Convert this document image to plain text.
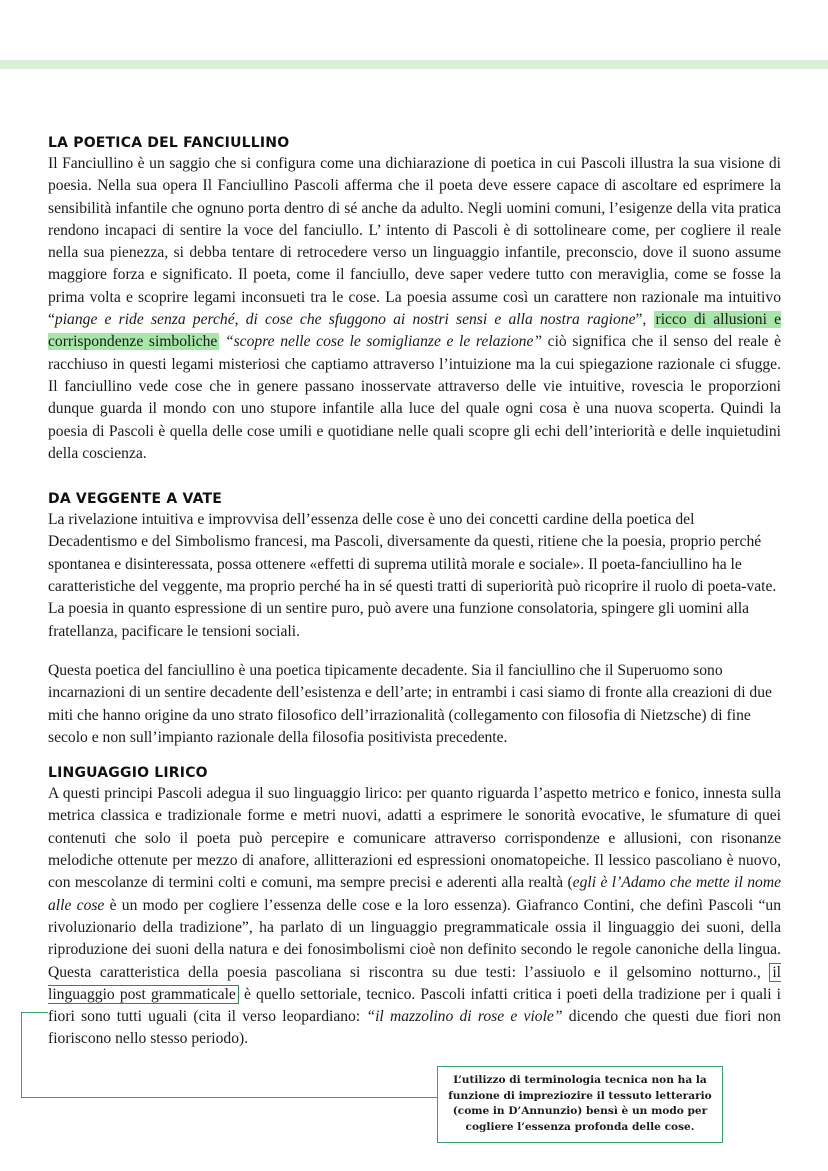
LA POETICA DEL FANCIULLINO

Il Fanciullino è un saggio che si configura come una dichiarazione di poetica in cui Pascoli illustra la sua visione di poesia. Nella sua opera Il Fanciullino Pascoli afferma che il poeta deve essere capace di ascoltare ed esprimere la sensibilità infantile che ognuno porta dentro di sé anche da adulto. Negli uomini comuni, l’esigenze della vita pratica rendono incapaci di sentire la voce del fanciullo. L’ intento di Pascoli è di sottolineare come, per cogliere il reale nella sua pienezza, si debba tentare di retrocedere verso un linguaggio infantile, preconscio, dove il suono assume maggiore forza e significato. Il poeta, come il fanciullo, deve saper vedere tutto con meraviglia, come se fosse la prima volta e scoprire legami inconsueti tra le cose. La poesia assume così un carattere non razionale ma intuitivo “piange e ride senza perché, di cose che sfuggono ai nostri sensi e alla nostra ragione”, ricco di allusioni e corrispondenze simboliche “scopre nelle cose le somiglianze e le relazione” ciò significa che il senso del reale è racchiuso in questi legami misteriosi che captiamo attraverso l’intuizione ma la cui spiegazione razionale ci sfugge. Il fanciullino vede cose che in genere passano inosservate attraverso delle vie intuitive, rovescia le proporzioni dunque guarda il mondo con uno stupore infantile alla luce del quale ogni cosa è una nuova scoperta. Quindi la poesia di Pascoli è quella delle cose umili e quotidiane nelle quali scopre gli echi dell’interiorità e delle inquietudini della coscienza.

DA VEGGENTE A VATE

La rivelazione intuitiva e improvvisa dell’essenza delle cose è uno dei concetti cardine della poetica del Decadentismo e del Simbolismo francesi, ma Pascoli, diversamente da questi, ritiene che la poesia, proprio perché spontanea e disinteressata, possa ottenere «effetti di suprema utilità morale e sociale». Il poeta-fanciullino ha le caratteristiche del veggente, ma proprio perché ha in sé questi tratti di superiorità può ricoprire il ruolo di poeta-vate. La poesia in quanto espressione di un sentire puro, può avere una funzione consolatoria, spingere gli uomini alla fratellanza, pacificare le tensioni sociali.

Questa poetica del fanciullino è una poetica tipicamente decadente. Sia il fanciullino che il Superuomo sono incarnazioni di un sentire decadente dell’esistenza e dell’arte; in entrambi i casi siamo di fronte alla creazioni di due miti che hanno origine da uno strato filosofico dell’irrazionalità (collegamento con filosofia di Nietzsche) di fine secolo e non sull’impianto razionale della filosofia positivista precedente.

LINGUAGGIO LIRICO

A questi principi Pascoli adegua il suo linguaggio lirico: per quanto riguarda l’aspetto metrico e fonico, innesta sulla metrica classica e tradizionale forme e metri nuovi, adatti a esprimere le sonorità evocative, le sfumature di quei contenuti che solo il poeta può percepire e comunicare attraverso corrispondenze e allusioni, con risonanze melodiche ottenute per mezzo di anafore, allitterazioni ed espressioni onomatopeiche. Il lessico pascoliano è nuovo, con mescolanze di termini colti e comuni, ma sempre precisi e aderenti alla realtà (egli è l’Adamo che mette il nome alle cose è un modo per cogliere l’essenza delle cose e la loro essenza). Giafranco Contini, che definì Pascoli “un rivoluzionario della tradizione”, ha parlato di un linguaggio pregrammaticale ossia il linguaggio dei suoni, della riproduzione dei suoni della natura e dei fonosimbolismi cioè non definito secondo le regole canoniche della lingua. Questa caratteristica della poesia pascoliana si riscontra su due testi: l’assiuolo e il gelsomino notturno., il linguaggio post grammaticale è quello settoriale, tecnico. Pascoli infatti critica i poeti della tradizione per i quali i fiori sono tutti uguali (cita il verso leopardiano: “il mazzolino di rose e viole” dicendo che questi due fiori non fioriscono nello stesso periodo).

L’utilizzo di terminologia tecnica non ha la funzione di impreziozire il tessuto letterario (come in D’Annunzio) bensì è un modo per cogliere l’essenza profonda delle cose.
